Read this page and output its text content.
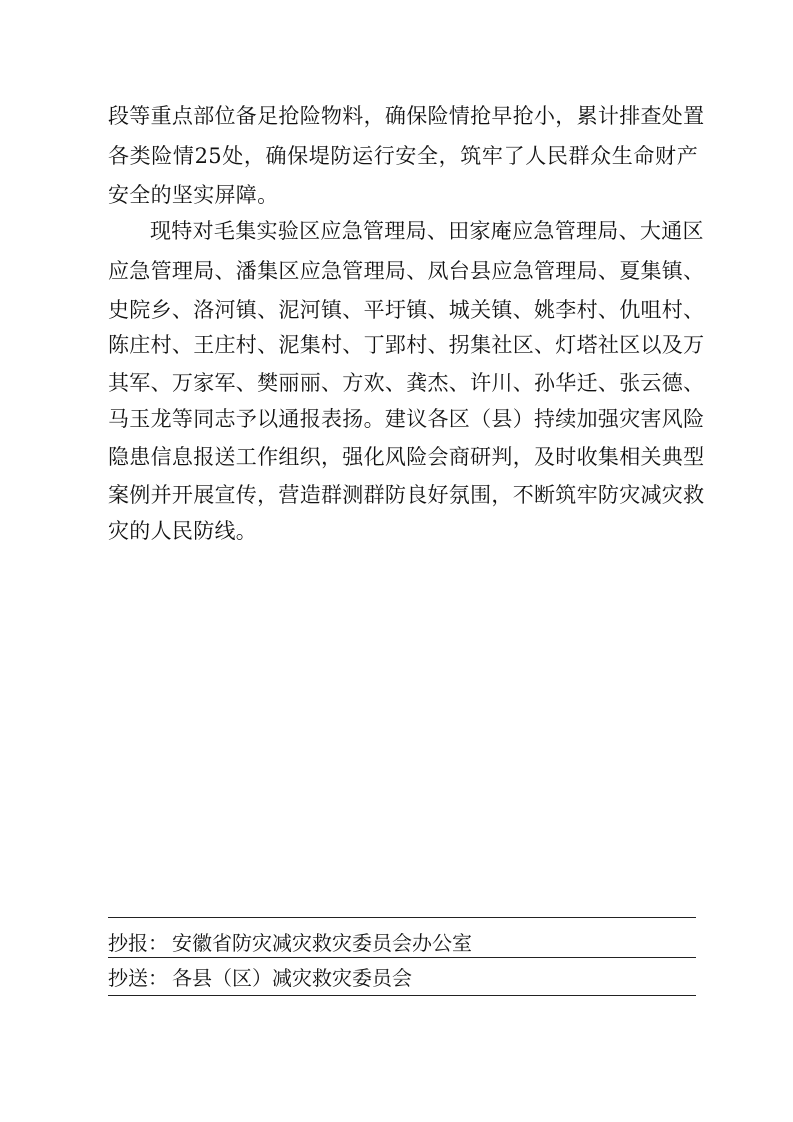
段等重点部位备足抢险物料，确保险情抢早抢小，累计排查处置
各类险情25处，确保堤防运行安全，筑牢了人民群众生命财产
安全的坚实屏障。
现特对毛集实验区应急管理局、田家庵应急管理局、大通区
应急管理局、潘集区应急管理局、凤台县应急管理局、夏集镇、
史院乡、洛河镇、泥河镇、平圩镇、城关镇、姚李村、仇咀村、
陈庄村、王庄村、泥集村、丁郢村、拐集社区、灯塔社区以及万
其军、万家军、樊丽丽、方欢、龚杰、许川、孙华迁、张云德、
马玉龙等同志予以通报表扬。建议各区（县）持续加强灾害风险
隐患信息报送工作组织，强化风险会商研判，及时收集相关典型
案例并开展宣传，营造群测群防良好氛围，不断筑牢防灾减灾救
灾的人民防线。
抄报： 安徽省防灾减灾救灾委员会办公室
抄送： 各县（区）减灾救灾委员会
